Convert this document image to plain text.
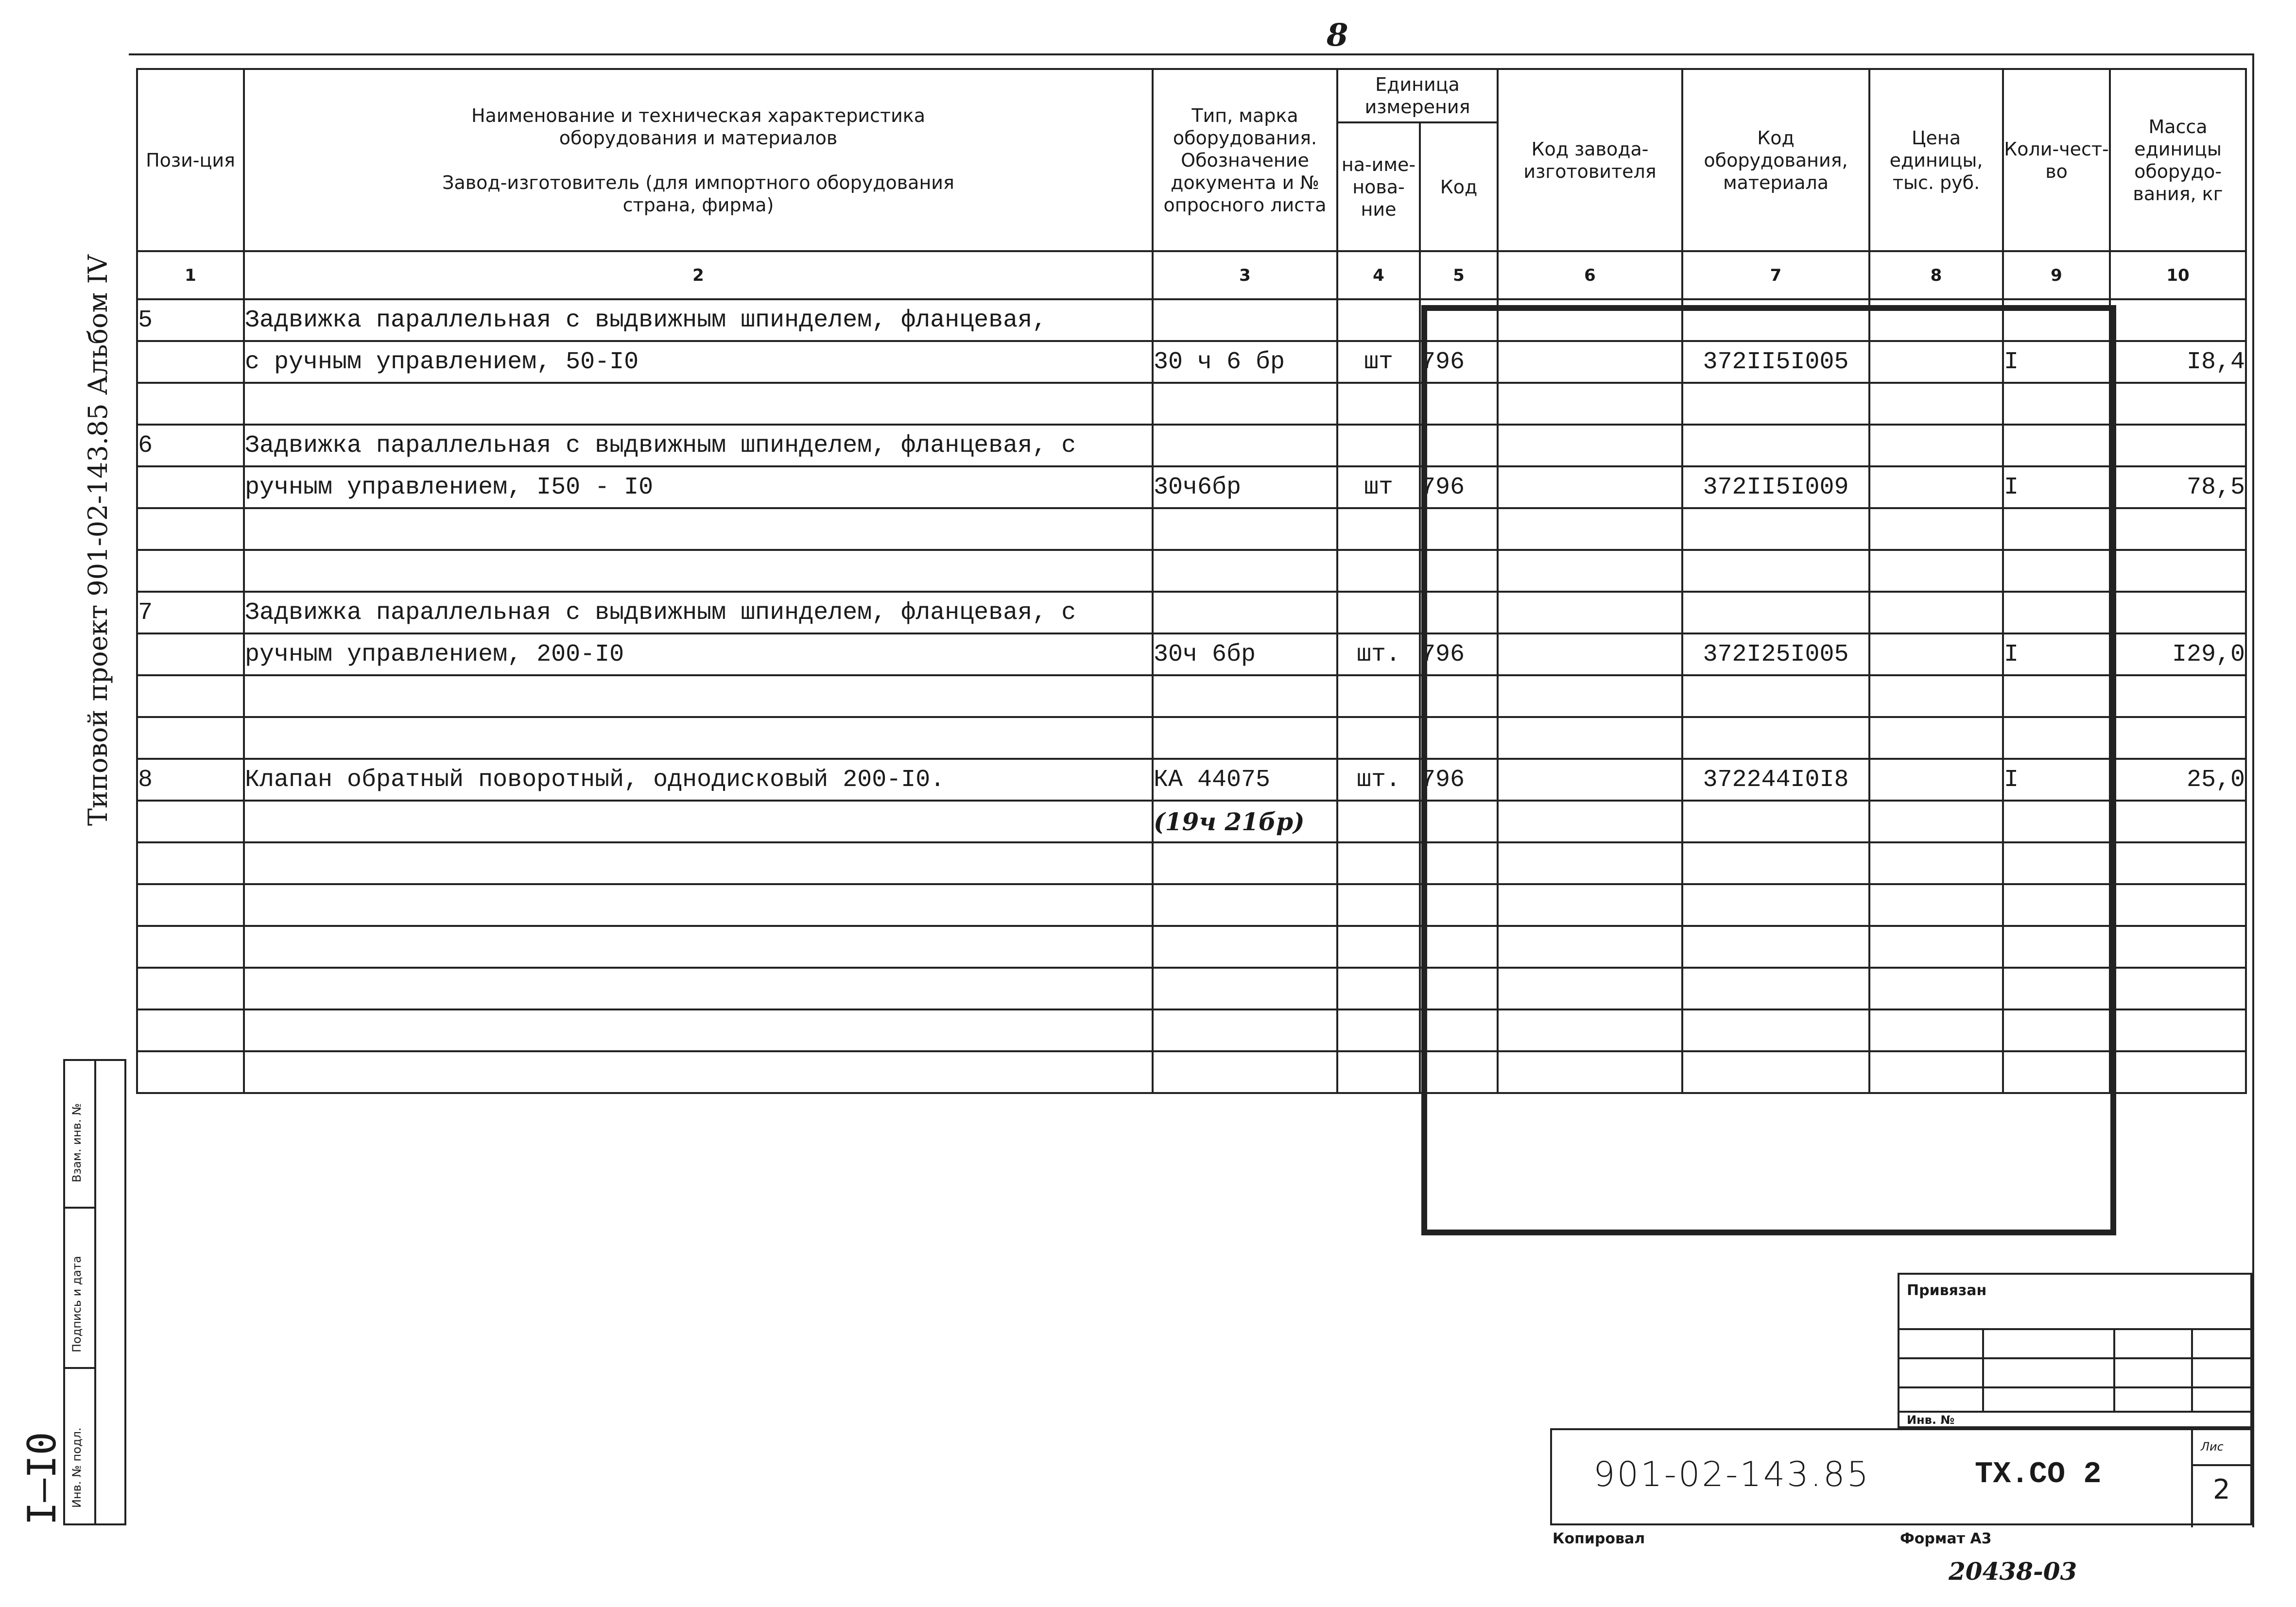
8
Типовой проект 901-02-143.85 Альбом IV
Пози-ция	Наименование и техническая характеристика
оборудования и материалов
Завод-изготовитель (для импортного оборудования
страна, фирма)	Тип, марка оборудования. Обозначение документа и № опросного листа	Единица измерения		Код завода-изготовителя	Код оборудования, материала	Цена единицы, тыс. руб.	Коли-чест-во	Масса единицы оборудо-вания, кг
			на-име-нова-ние	Код					
1	2	3	4	5	6	7	8	9	10
5	Задвижка параллельная с выдвижным шпинделем, фланцевая,								
	с ручным управлением, 50-I0	30 ч 6 бр	шт	796		372II5I005		I	I8,4

6	Задвижка параллельная с выдвижным шпинделем, фланцевая, с								
	ручным управлением, I50 - I0	30ч6бр	шт	796		372II5I009		I	78,5

7	Задвижка параллельная с выдвижным шпинделем, фланцевая, с								
	ручным управлением, 200-I0	30ч 6бр	шт.	796		372I25I005		I	I29,0

8	Клапан обратный поворотный, однодисковый 200-I0.	КА 44075	шт.	796		372244I0I8		I	25,0
		(19ч 21бр)							

Взам. инв. №
Подпись и дата
Инв. № подл.
I—I0
Привязан
Инв. №
901-02-143.85	ТХ.СО 2
Лис
2
Копировал	Формат А3
20438-03
